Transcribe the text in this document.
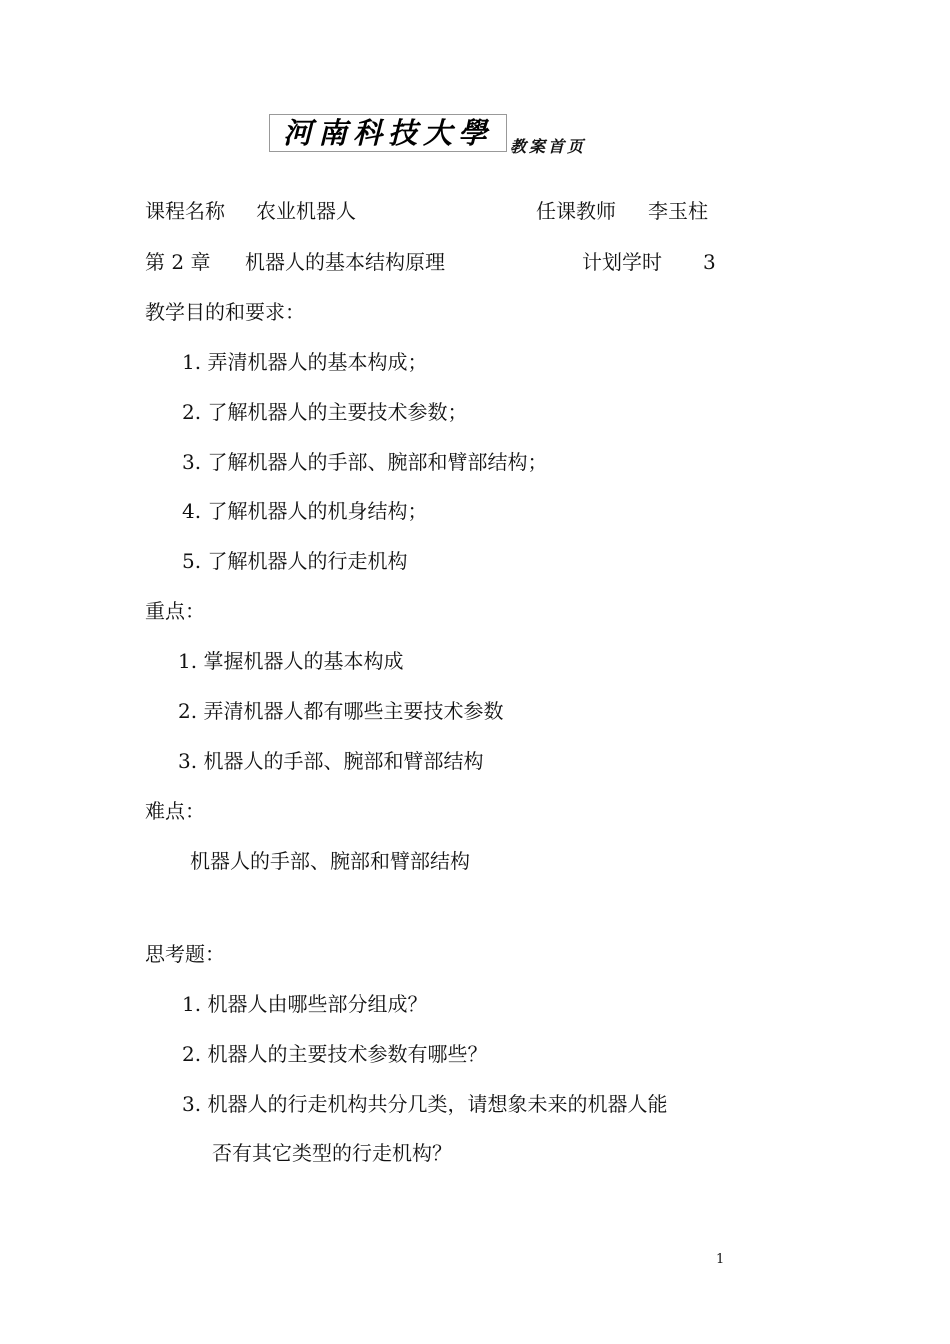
河南科技大學	教案首页
课程名称 农业机器人	任课教师 李玉柱
第 2 章 机器人的基本结构原理	计划学时 3
教学目的和要求：
1. 弄清机器人的基本构成；
2. 了解机器人的主要技术参数；
3. 了解机器人的手部、腕部和臂部结构；
4. 了解机器人的机身结构；
5. 了解机器人的行走机构
重点：
1. 掌握机器人的基本构成
2. 弄清机器人都有哪些主要技术参数
3. 机器人的手部、腕部和臂部结构
难点：
机器人的手部、腕部和臂部结构
思考题：
1. 机器人由哪些部分组成？
2. 机器人的主要技术参数有哪些？
3. 机器人的行走机构共分几类，请想象未来的机器人能
否有其它类型的行走机构？
1
